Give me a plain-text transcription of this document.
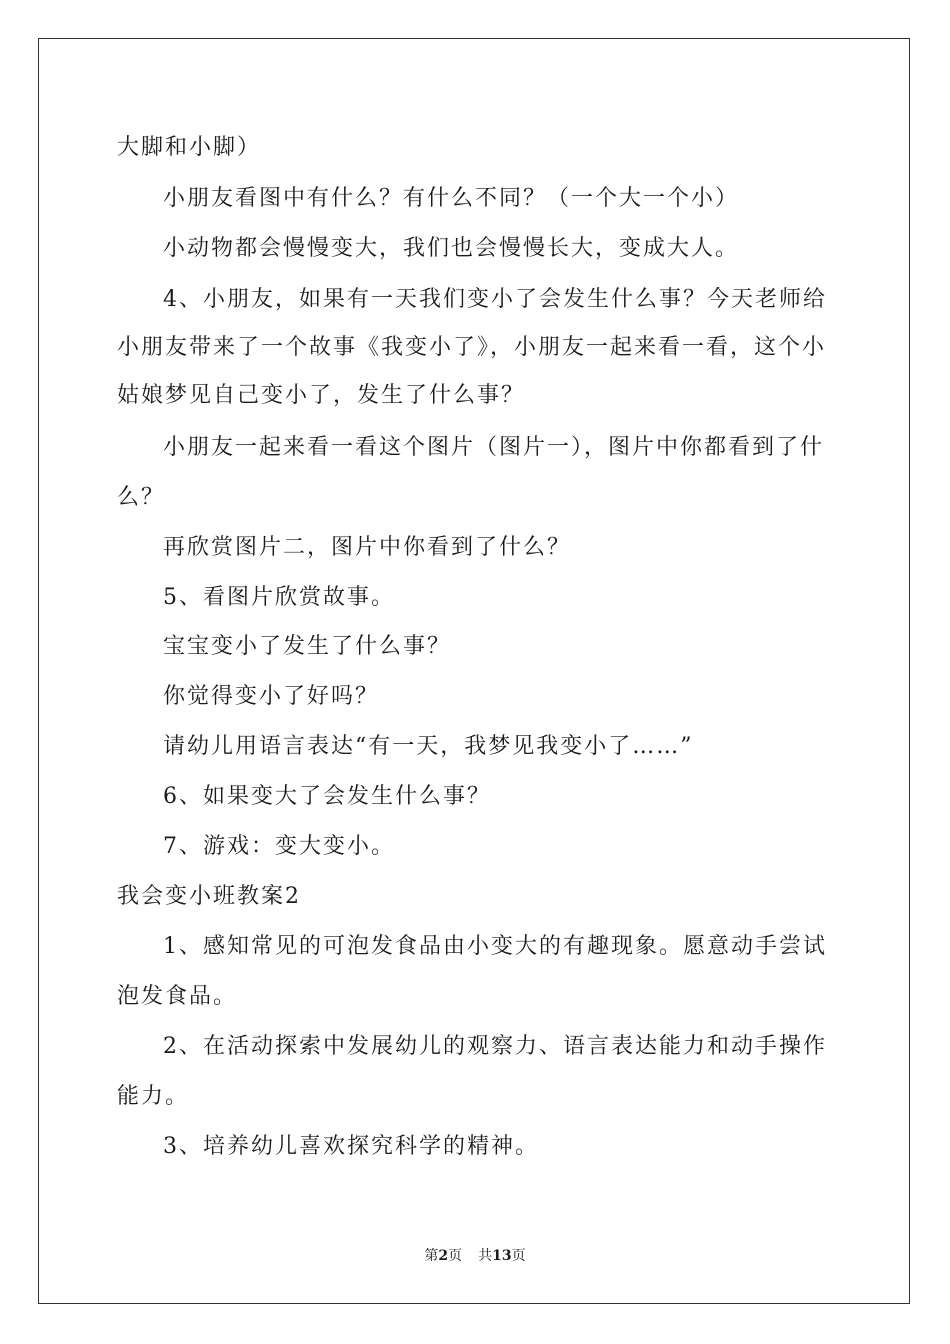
大脚和小脚）
小朋友看图中有什么？有什么不同？（一个大一个小）
小动物都会慢慢变大，我们也会慢慢长大，变成大人。
4、小朋友，如果有一天我们变小了会发生什么事？今天老师给
小朋友带来了一个故事《我变小了》，小朋友一起来看一看，这个小
姑娘梦见自己变小了，发生了什么事？
小朋友一起来看一看这个图片（图片一），图片中你都看到了什
么？
再欣赏图片二，图片中你看到了什么？
5、看图片欣赏故事。
宝宝变小了发生了什么事？
你觉得变小了好吗？
请幼儿用语言表达“有一天，我梦见我变小了……”
6、如果变大了会发生什么事？
7、游戏：变大变小。
我会变小班教案2
1、感知常见的可泡发食品由小变大的有趣现象。愿意动手尝试
泡发食品。
2、在活动探索中发展幼儿的观察力、语言表达能力和动手操作
能力。
3、培养幼儿喜欢探究科学的精神。
第2页 共13页
